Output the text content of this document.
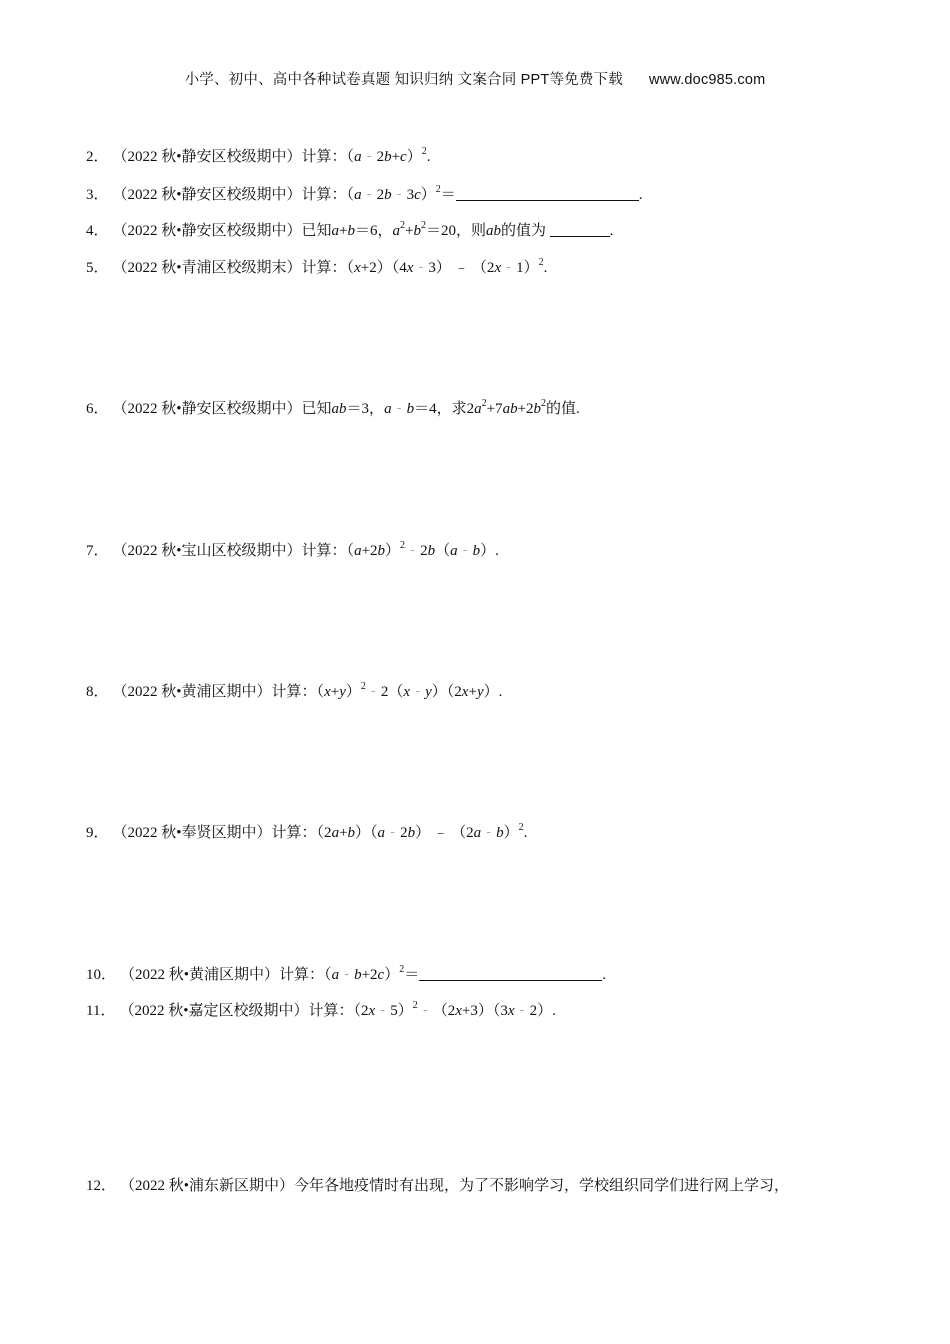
小学、初中、高中各种试卷真题 知识归纳 文案合同 PPT等免费下载 www.doc985.com
2． （2022 秋•静安区校级期中）计算：（a ﹣ 2b+c）$^2$.
3． （2022 秋•静安区校级期中）计算：（a ﹣ 2b ﹣ 3c）$^2$＝	.
4． （2022 秋•静安区校级期中）已知a+b＝6，$a^2+b^2=20$，则ab的值为	.
5． （2022 秋•青浦区校级期末）计算：（x+2）（4x ﹣ 3） ﹣ （2x ﹣ 1）$^2$.
6． （2022 秋•静安区校级期中）已知ab＝3，a ﹣ b＝4，求$2a^2+7ab+2b^2$的值.
7． （2022 秋•宝山区校级期中）计算：$(a+2b)^2$ ﹣ 2b（a ﹣ b）.
8． （2022 秋•黄浦区期中）计算：$(x+y)^2$ ﹣ 2（x ﹣ y）（2x+y）.
9． （2022 秋•奉贤区期中）计算：（2a+b）（a ﹣ 2b） ﹣ （2a ﹣ b）$^2$.
10． （2022 秋•黄浦区期中）计算：（a ﹣ b+2c）$^2$＝	.
11． （2022 秋•嘉定区校级期中）计算：（2x ﹣ 5）$^2$ ﹣ （2x+3）（3x ﹣ 2）.
12． （2022 秋•浦东新区期中）今年各地疫情时有出现，为了不影响学习，学校组织同学们进行网上学习，
